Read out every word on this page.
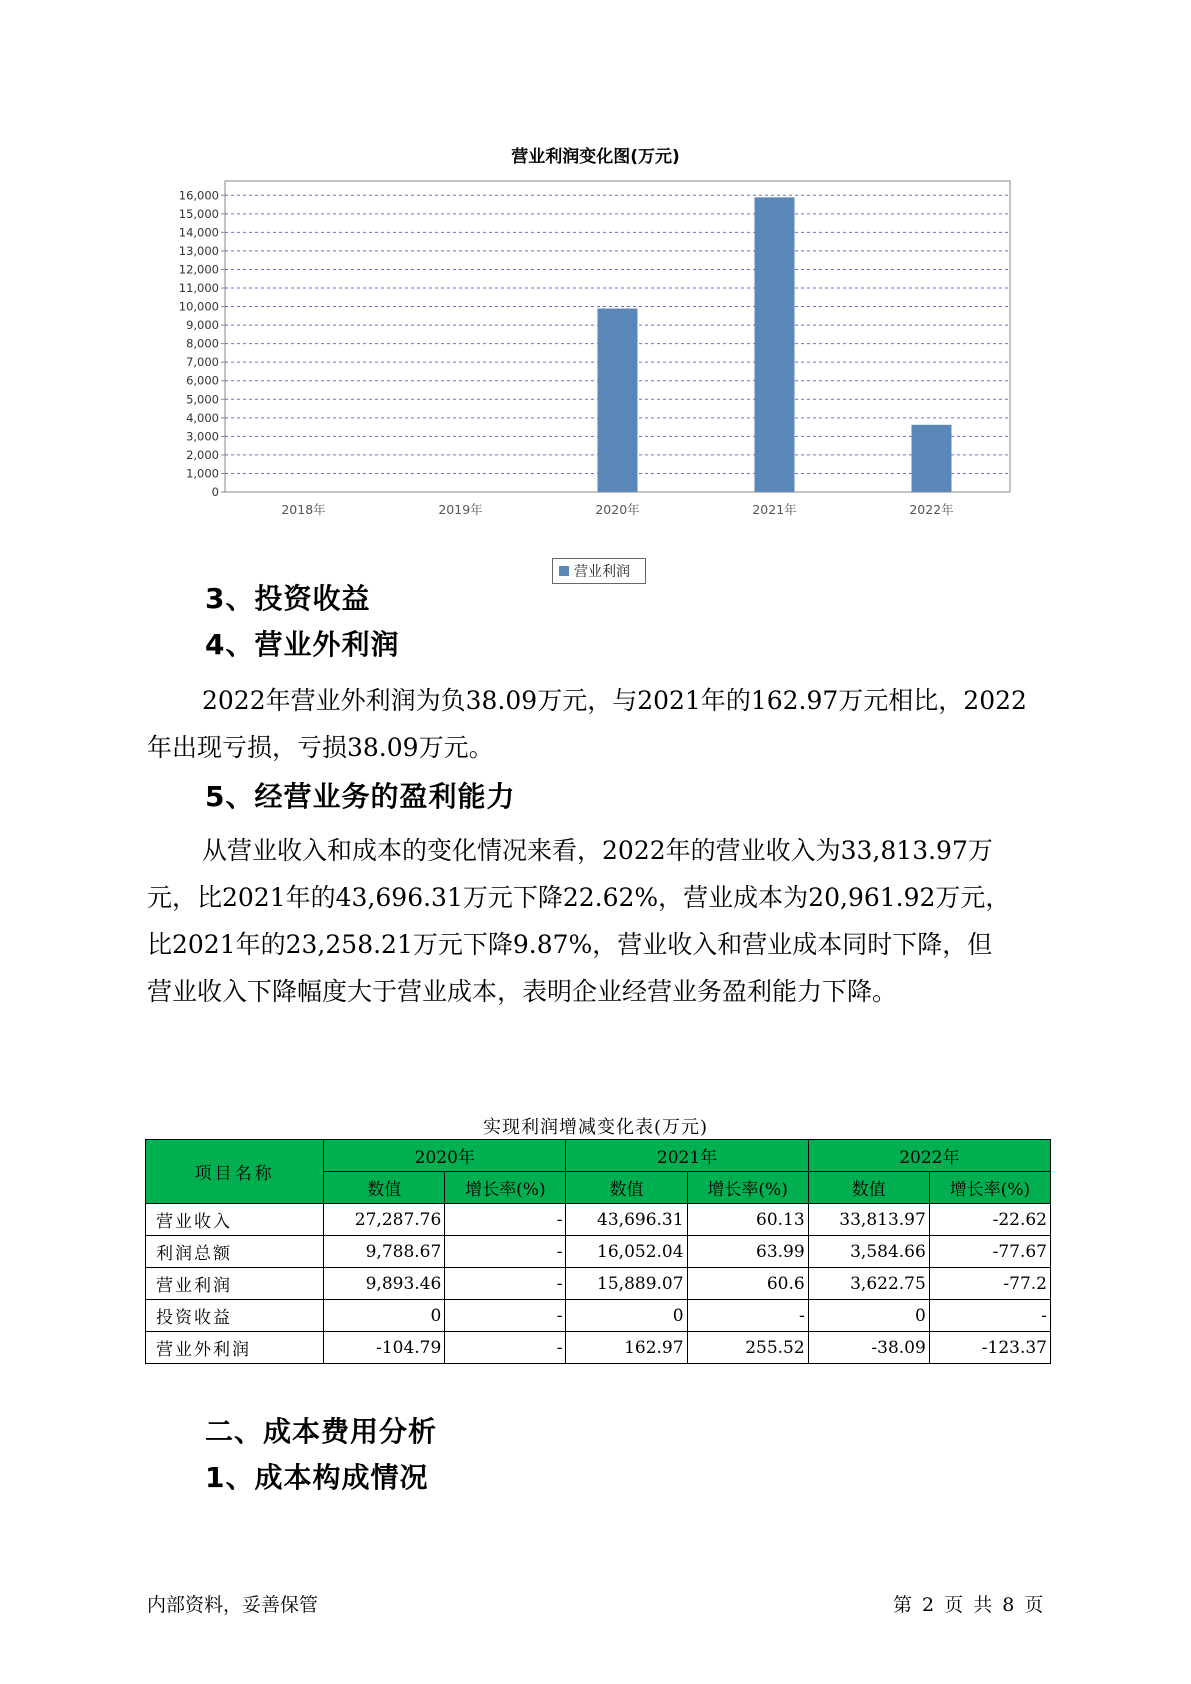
营业利润变化图(万元)
0
1,000
2,000
3,000
4,000
5,000
6,000
7,000
8,000
9,000
10,000
11,000
12,000
13,000
14,000
15,000
16,000
2018年	2019年	2020年	2021年	2022年
营业利润
3、投资收益
4、营业外利润
2022年营业外利润为负38.09万元，与2021年的162.97万元相比，2022
年出现亏损，亏损38.09万元。
5、经营业务的盈利能力
从营业收入和成本的变化情况来看，2022年的营业收入为33,813.97万
元，比2021年的43,696.31万元下降22.62%，营业成本为20,961.92万元，
比2021年的23,258.21万元下降9.87%，营业收入和营业成本同时下降，但
营业收入下降幅度大于营业成本，表明企业经营业务盈利能力下降。
实现利润增减变化表(万元)
项目名称	2020年		2021年		2022年	
	数值	增长率(%)	数值	增长率(%)	数值	增长率(%)
营业收入	27,287.76	-	43,696.31	60.13	33,813.97	-22.62
利润总额	9,788.67	-	16,052.04	63.99	3,584.66	-77.67
营业利润	9,893.46	-	15,889.07	60.6	3,622.75	-77.2
投资收益	0	-	0	-	0	-
营业外利润	-104.79	-	162.97	255.52	-38.09	-123.37
二、成本费用分析
1、成本构成情况
内部资料，妥善保管	第 2 页 共 8 页
